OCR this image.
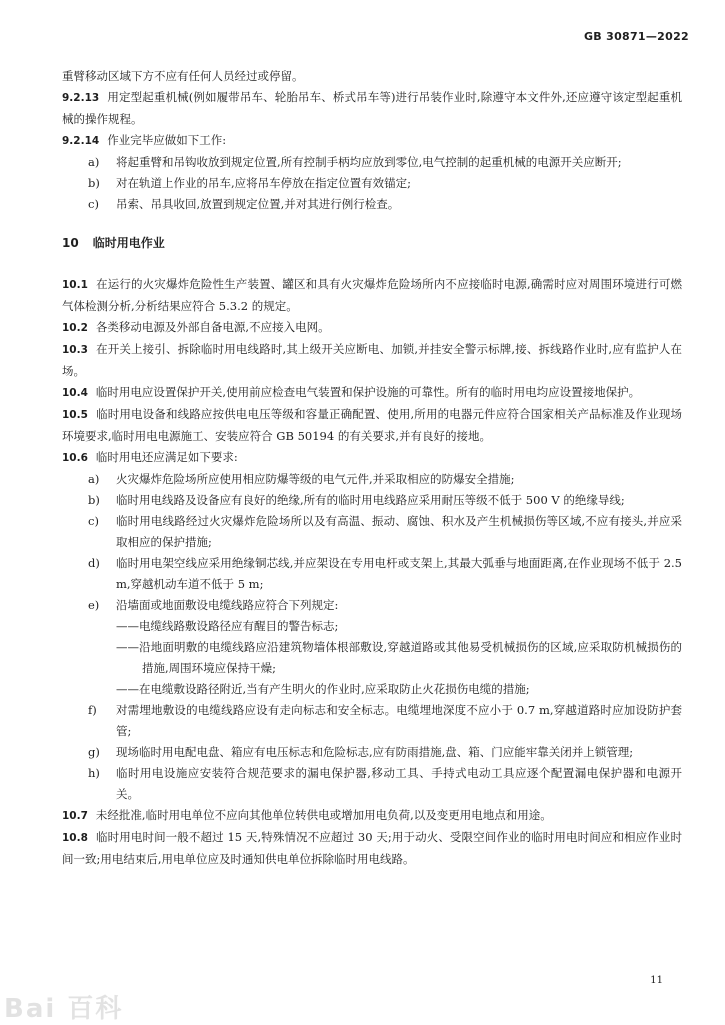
GB 30871—2022

重臂移动区域下方不应有任何人员经过或停留。

9.2.13 用定型起重机械(例如履带吊车、轮胎吊车、桥式吊车等)进行吊装作业时,除遵守本文件外,还应遵守该定型起重机械的操作规程。

9.2.14 作业完毕应做如下工作:

a) 将起重臂和吊钩收放到规定位置,所有控制手柄均应放到零位,电气控制的起重机械的电源开关应断开;

b) 对在轨道上作业的吊车,应将吊车停放在指定位置有效锚定;

c) 吊索、吊具收回,放置到规定位置,并对其进行例行检查。

10 临时用电作业

10.1 在运行的火灾爆炸危险性生产装置、罐区和具有火灾爆炸危险场所内不应接临时电源,确需时应对周围环境进行可燃气体检测分析,分析结果应符合 5.3.2 的规定。

10.2 各类移动电源及外部自备电源,不应接入电网。

10.3 在开关上接引、拆除临时用电线路时,其上级开关应断电、加锁,并挂安全警示标牌,接、拆线路作业时,应有监护人在场。

10.4 临时用电应设置保护开关,使用前应检查电气装置和保护设施的可靠性。所有的临时用电均应设置接地保护。

10.5 临时用电设备和线路应按供电电压等级和容量正确配置、使用,所用的电器元件应符合国家相关产品标准及作业现场环境要求,临时用电电源施工、安装应符合 GB 50194 的有关要求,并有良好的接地。

10.6 临时用电还应满足如下要求:

a) 火灾爆炸危险场所应使用相应防爆等级的电气元件,并采取相应的防爆安全措施;

b) 临时用电线路及设备应有良好的绝缘,所有的临时用电线路应采用耐压等级不低于 500 V 的绝缘导线;

c) 临时用电线路经过火灾爆炸危险场所以及有高温、振动、腐蚀、积水及产生机械损伤等区域,不应有接头,并应采取相应的保护措施;

d) 临时用电架空线应采用绝缘铜芯线,并应架设在专用电杆或支架上,其最大弧垂与地面距离,在作业现场不低于 2.5 m,穿越机动车道不低于 5 m;

e) 沿墙面或地面敷设电缆线路应符合下列规定:

——电缆线路敷设路径应有醒目的警告标志;

——沿地面明敷的电缆线路应沿建筑物墙体根部敷设,穿越道路或其他易受机械损伤的区域,应采取防机械损伤的措施,周围环境应保持干燥;

——在电缆敷设路径附近,当有产生明火的作业时,应采取防止火花损伤电缆的措施;

f) 对需埋地敷设的电缆线路应设有走向标志和安全标志。电缆埋地深度不应小于 0.7 m,穿越道路时应加设防护套管;

g) 现场临时用电配电盘、箱应有电压标志和危险标志,应有防雨措施,盘、箱、门应能牢靠关闭并上锁管理;

h) 临时用电设施应安装符合规范要求的漏电保护器,移动工具、手持式电动工具应逐个配置漏电保护器和电源开关。

10.7 未经批准,临时用电单位不应向其他单位转供电或增加用电负荷,以及变更用电地点和用途。

10.8 临时用电时间一般不超过 15 天,特殊情况不应超过 30 天;用于动火、受限空间作业的临时用电时间应和相应作业时间一致;用电结束后,用电单位应及时通知供电单位拆除临时用电线路。

11
Bai 百科
